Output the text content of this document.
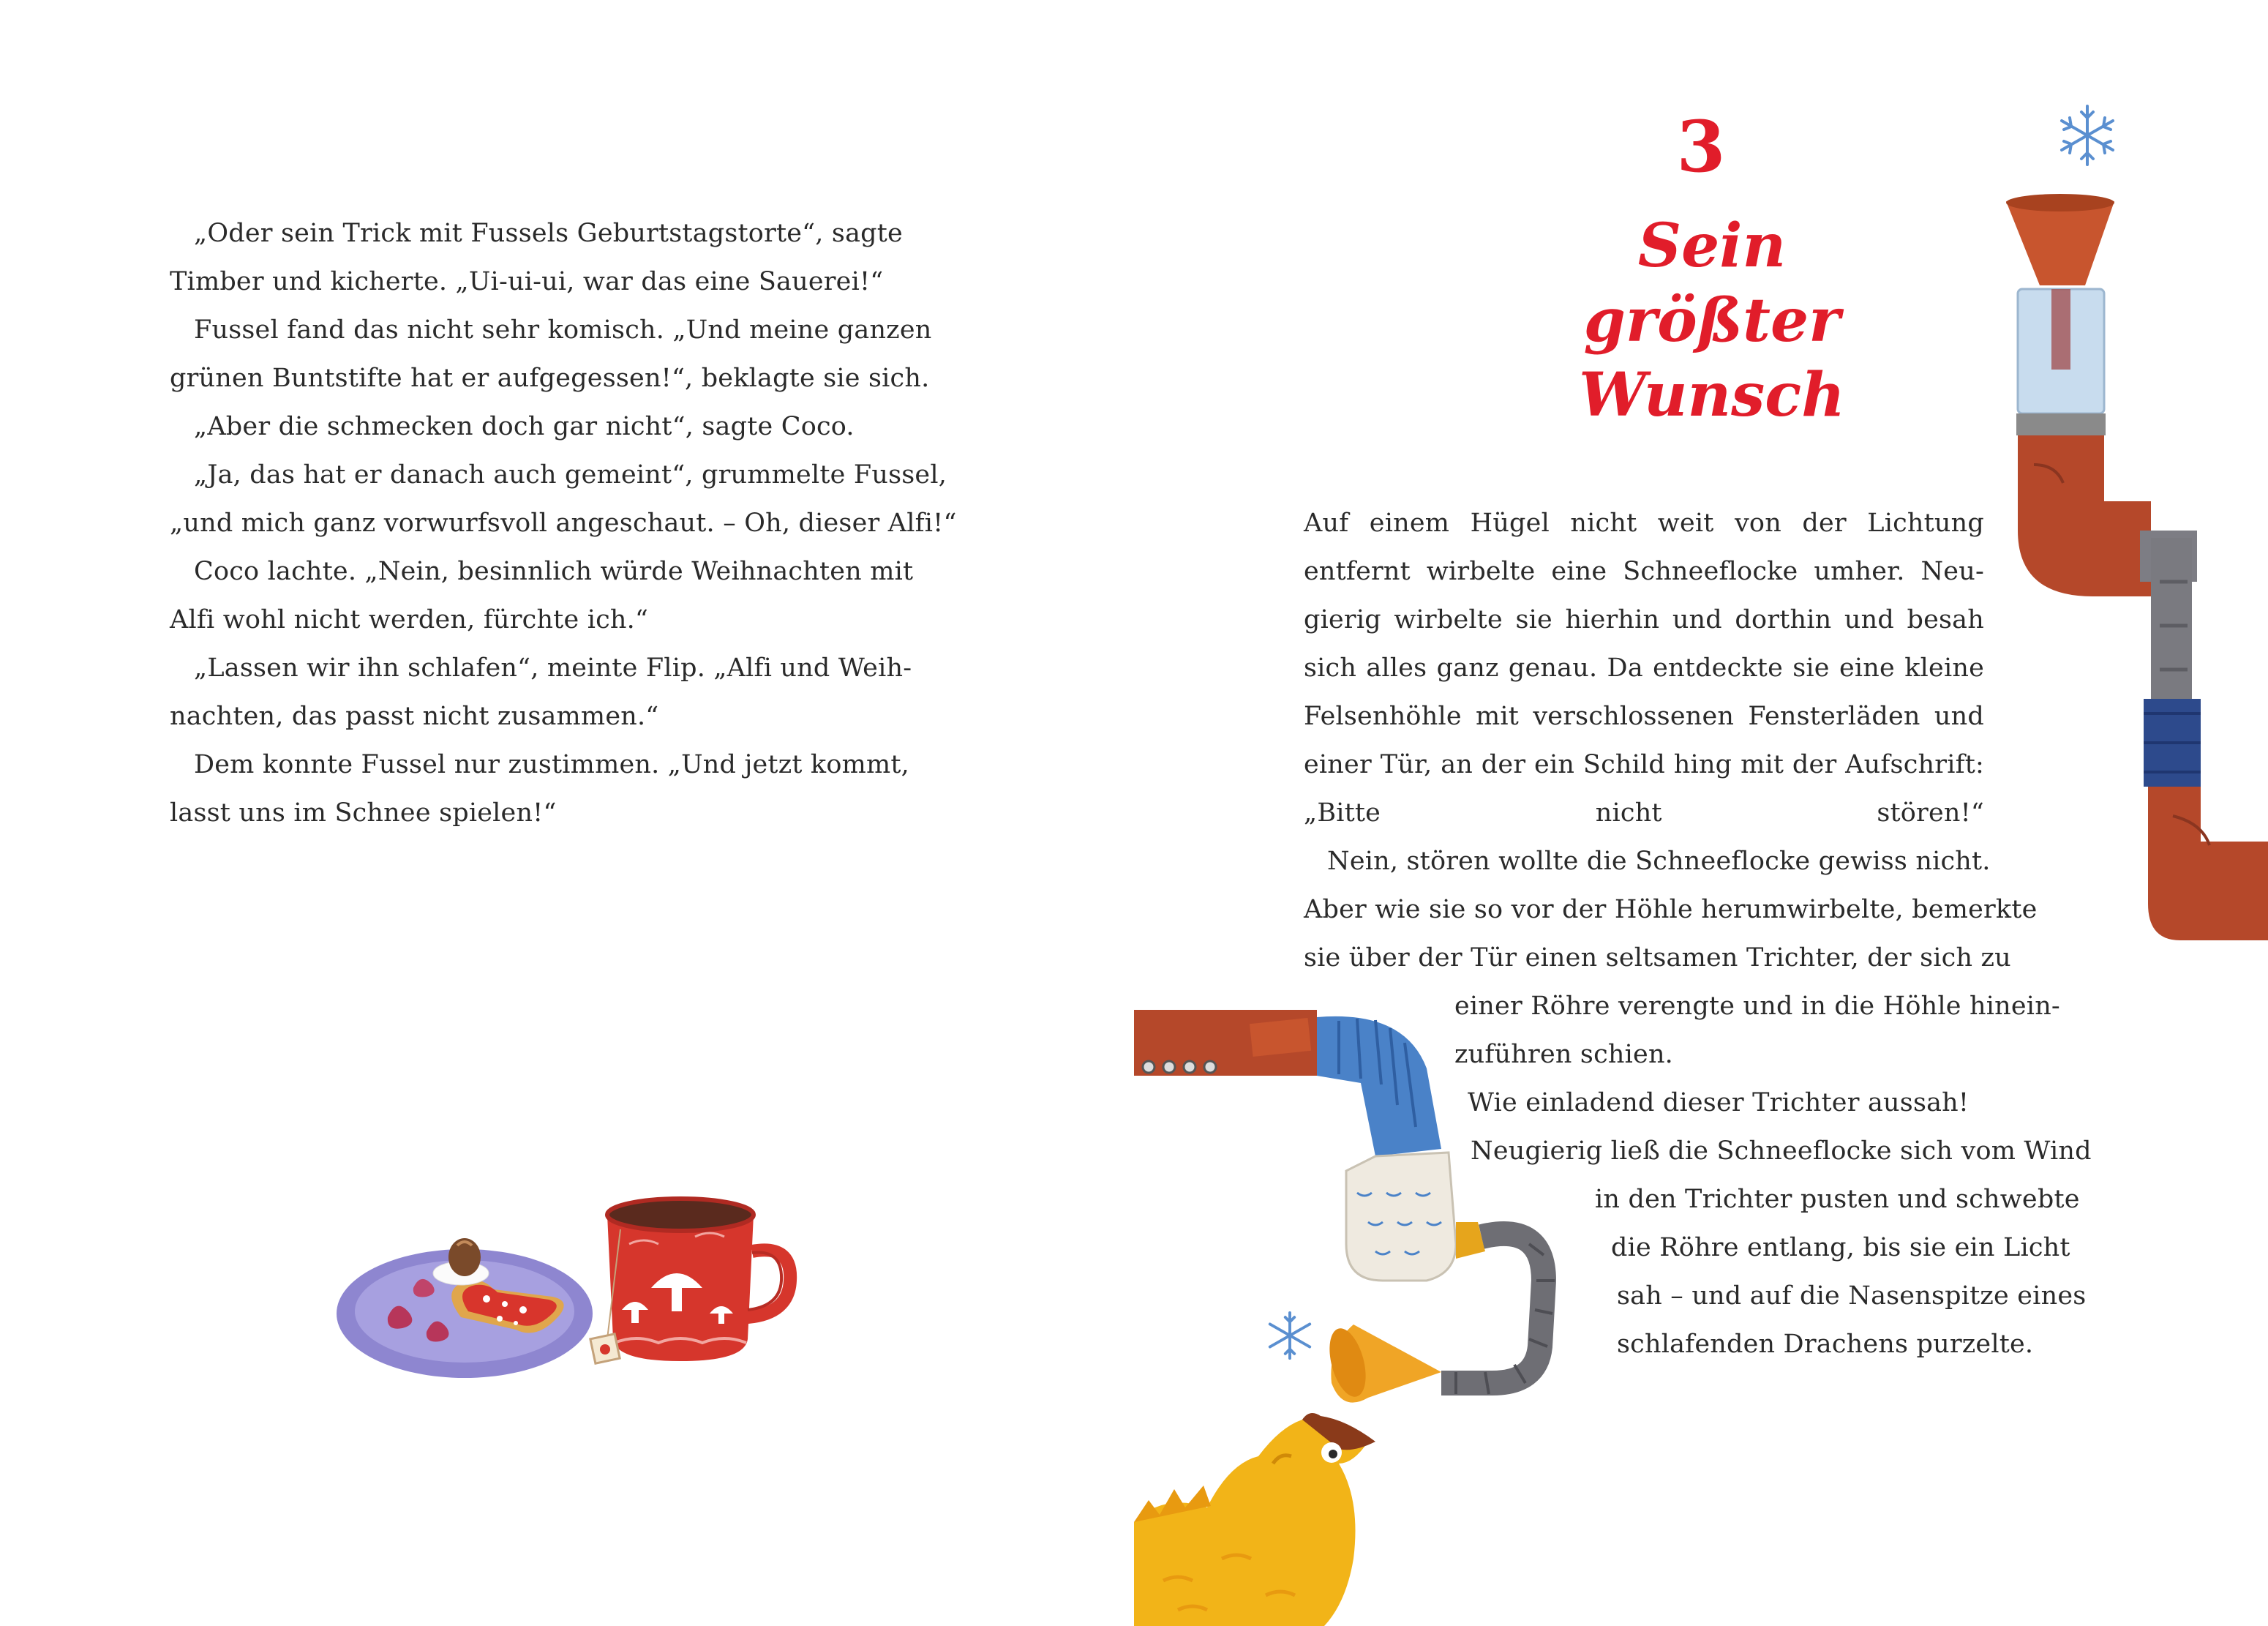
„Oder sein Trick mit Fussels Geburtstagstorte“, sagte
Timber und kicherte. „Ui-ui-ui, war das eine Sauerei!“

Fussel fand das nicht sehr komisch. „Und meine ganzen
grünen Buntstifte hat er aufgegessen!“, beklagte sie sich.

„Aber die schmecken doch gar nicht“, sagte Coco.

„Ja, das hat er danach auch gemeint“, grummelte Fussel,
„und mich ganz vorwurfsvoll angeschaut. – Oh, dieser Alfi!“

Coco lachte. „Nein, besinnlich würde Weihnachten mit
Alfi wohl nicht werden, fürchte ich.“

„Lassen wir ihn schlafen“, meinte Flip. „Alfi und Weih-
nachten, das passt nicht zusammen.“

Dem konnte Fussel nur zustimmen. „Und jetzt kommt,
lasst uns im Schnee spielen!“

3
Sein größter
Wunsch

Auf einem Hügel nicht weit von der Lichtung
entfernt wirbelte eine Schneeflocke umher. Neu-
gierig wirbelte sie hierhin und dorthin und besah
sich alles ganz genau. Da entdeckte sie eine kleine
Felsenhöhle mit verschlossenen Fensterläden und
einer Tür, an der ein Schild hing mit der Aufschrift:
„Bitte nicht stören!“

Nein, stören wollte die Schneeflocke gewiss nicht.
Aber wie sie so vor der Höhle herumwirbelte, bemerkte
sie über der Tür einen seltsamen Trichter, der sich zu

einer Röhre verengte und in die Höhle hinein-
zuführen schien.

Wie einladend dieser Trichter aussah!

Neugierig ließ die Schneeflocke sich vom Wind

in den Trichter pusten und schwebte

die Röhre entlang, bis sie ein Licht

sah – und auf die Nasenspitze eines
schlafenden Drachens purzelte.
